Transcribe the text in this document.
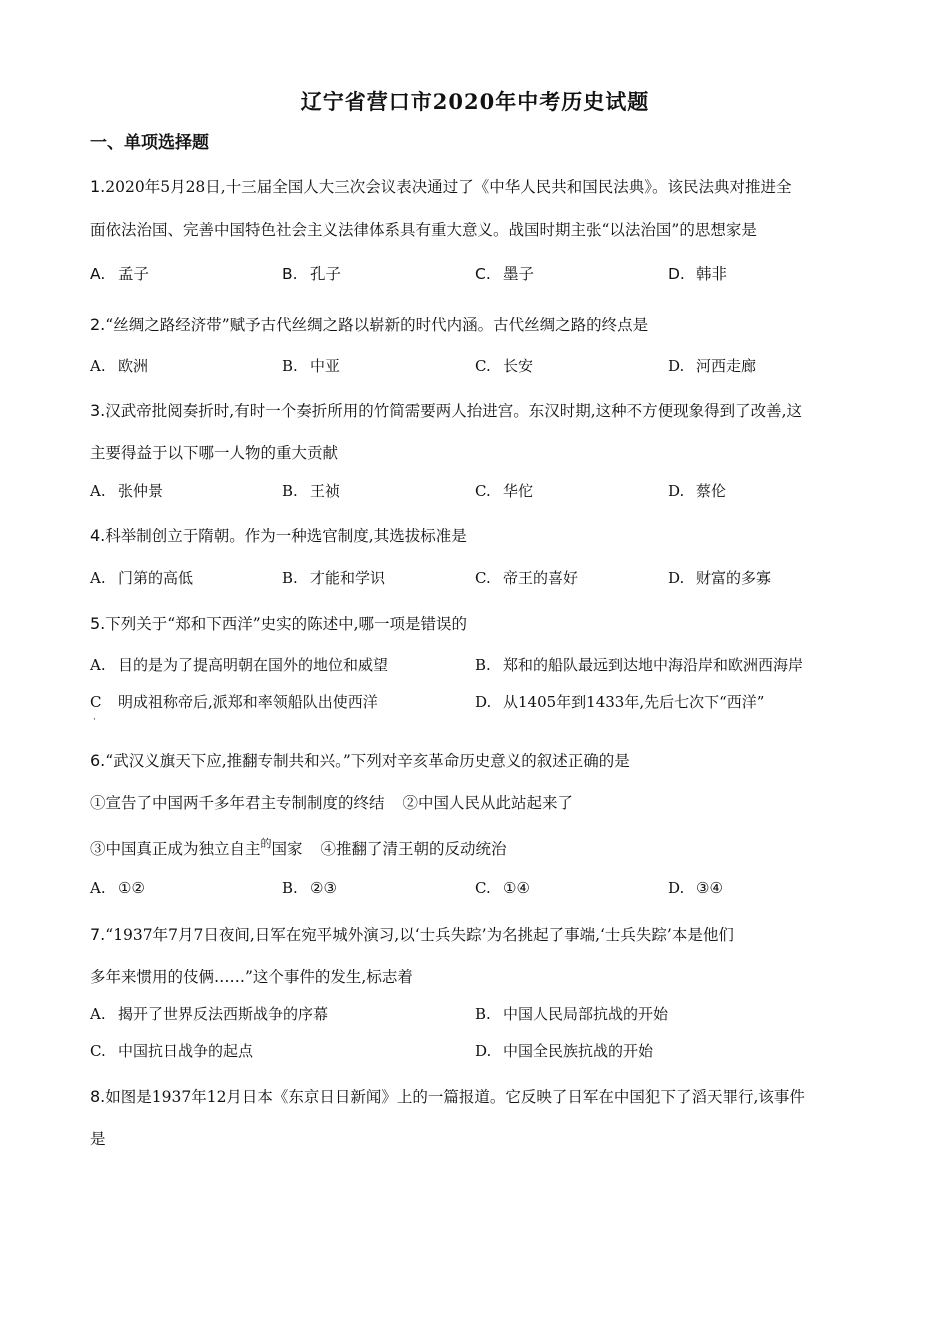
辽宁省营口市2020年中考历史试题
一、单项选择题
1.2020年5月28日,十三届全国人大三次会议表决通过了《中华人民共和国民法典》。该民法典对推进全
面依法治国、完善中国特色社会主义法律体系具有重大意义。战国时期主张“以法治国”的思想家是
A. 孟子	B. 孔子	C. 墨子	D. 韩非
2.“丝绸之路经济带”赋予古代丝绸之路以崭新的时代内涵。古代丝绸之路的终点是
A. 欧洲	B. 中亚	C. 长安	D. 河西走廊
3.汉武帝批阅奏折时,有时一个奏折所用的竹简需要两人抬进宫。东汉时期,这种不方便现象得到了改善,这
主要得益于以下哪一人物的重大贡献
A. 张仲景	B. 王祯	C. 华佗	D. 蔡伦
4.科举制创立于隋朝。作为一种选官制度,其选拔标准是
A. 门第的高低	B. 才能和学识	C. 帝王的喜好	D. 财富的多寡
5.下列关于“郑和下西洋”史实的陈述中,哪一项是错误的
A. 目的是为了提高明朝在国外的地位和威望	B. 郑和的船队最远到达地中海沿岸和欧洲西海岸
C 明成祖称帝后,派郑和率领船队出使西洋	D. 从1405年到1433年,先后七次下“西洋”
·
6.“武汉义旗天下应,推翻专制共和兴。”下列对辛亥革命历史意义的叙述正确的是
①宣告了中国两千多年君主专制制度的终结 ②中国人民从此站起来了
③中国真正成为独立自主$^的$国家 ④推翻了清王朝的反动统治
A. ①②	B. ②③	C. ①④	D. ③④
7.“1937年7月7日夜间,日军在宛平城外演习,以‘士兵失踪’为名挑起了事端,‘士兵失踪’本是他们
多年来惯用的伎俩……”这个事件的发生,标志着
A. 揭开了世界反法西斯战争的序幕	B. 中国人民局部抗战的开始
C. 中国抗日战争的起点	D. 中国全民族抗战的开始
8.如图是1937年12月日本《东京日日新闻》上的一篇报道。它反映了日军在中国犯下了滔天罪行,该事件
是
